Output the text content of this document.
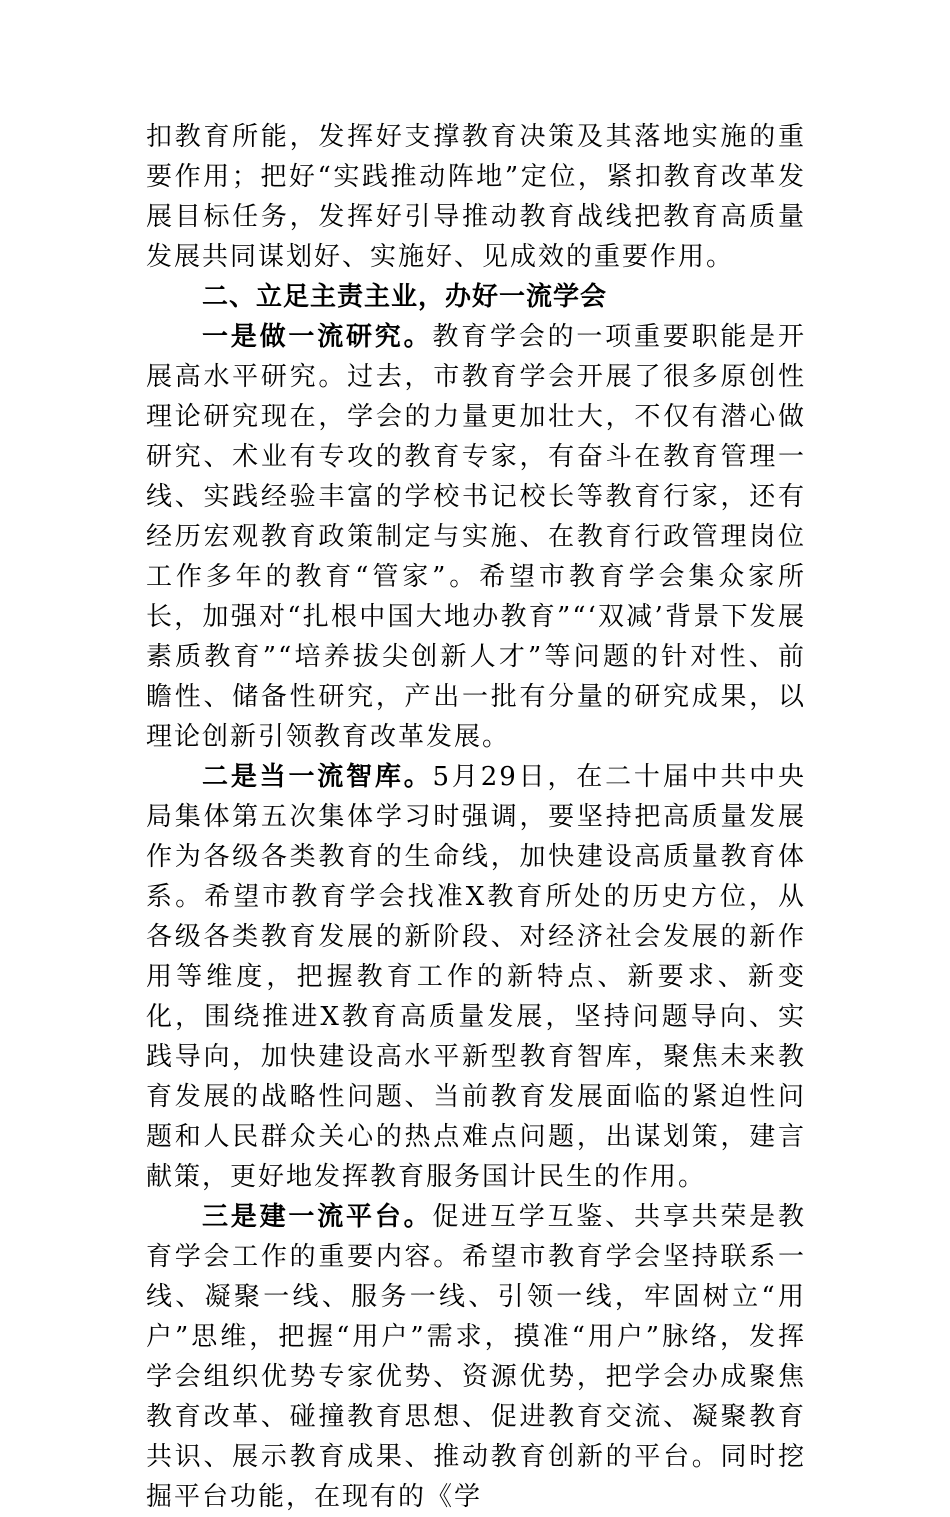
扣教育所能，发挥好支撑教育决策及其落地实施的重要作用；把好“实践推动阵地”定位，紧扣教育改革发展目标任务，发挥好引导推动教育战线把教育高质量发展共同谋划好、实施好、见成效的重要作用。

二、立足主责主业，办好一流学会

一是做一流研究。教育学会的一项重要职能是开展高水平研究。过去，市教育学会开展了很多原创性理论研究现在，学会的力量更加壮大，不仅有潜心做研究、术业有专攻的教育专家，有奋斗在教育管理一线、实践经验丰富的学校书记校长等教育行家，还有经历宏观教育政策制定与实施、在教育行政管理岗位工作多年的教育“管家”。希望市教育学会集众家所长，加强对“扎根中国大地办教育”“‘双减’背景下发展素质教育”“培养拔尖创新人才”等问题的针对性、前瞻性、储备性研究，产出一批有分量的研究成果，以理论创新引领教育改革发展。

二是当一流智库。5月29日，在二十届中共中央局集体第五次集体学习时强调，要坚持把高质量发展作为各级各类教育的生命线，加快建设高质量教育体系。希望市教育学会找准X教育所处的历史方位，从各级各类教育发展的新阶段、对经济社会发展的新作用等维度，把握教育工作的新特点、新要求、新变化，围绕推进X教育高质量发展，坚持问题导向、实践导向，加快建设高水平新型教育智库，聚焦未来教育发展的战略性问题、当前教育发展面临的紧迫性问题和人民群众关心的热点难点问题，出谋划策，建言献策，更好地发挥教育服务国计民生的作用。

三是建一流平台。促进互学互鉴、共享共荣是教育学会工作的重要内容。希望市教育学会坚持联系一线、凝聚一线、服务一线、引领一线，牢固树立“用户”思维，把握“用户”需求，摸准“用户”脉络，发挥学会组织优势专家优势、资源优势，把学会办成聚焦教育改革、碰撞教育思想、促进教育交流、凝聚教育共识、展示教育成果、推动教育创新的平台。同时挖掘平台功能，在现有的《学
